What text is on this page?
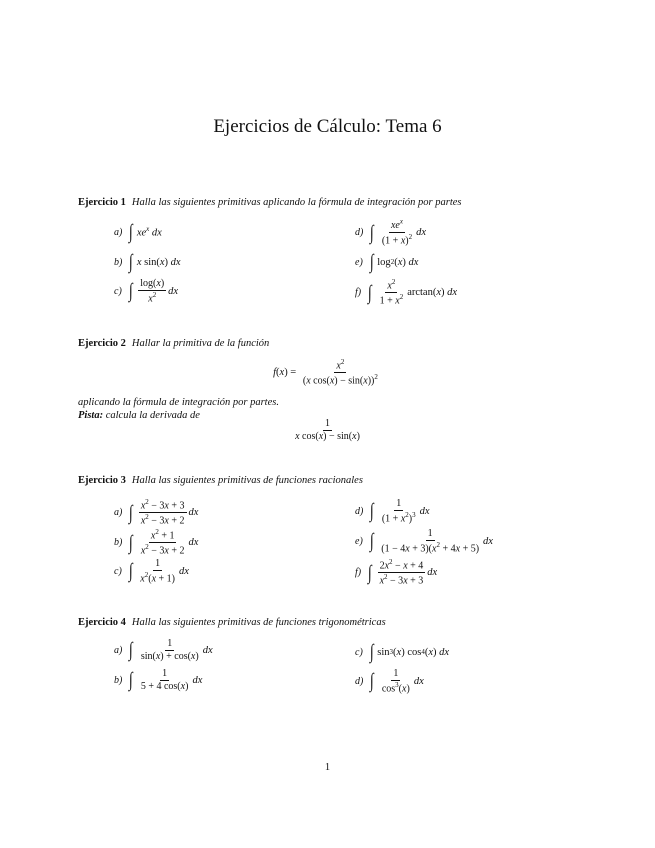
Ejercicios de Cálculo: Tema 6
Ejercicio 1 Halla las siguientes primitivas aplicando la fórmula de integración por partes
a) ∫ $xe^x$ dx
b) ∫ x sin( x ) dx
c) ∫ $\frac{\log(x)}{x^2}$ dx
d) ∫ $\frac{xe^x}{(1 + x)^2}$ dx
e) ∫ log 2 ( x ) dx
f) ∫ $\frac{x^2}{1 + x^2} \arctan$( x ) dx
Ejercicio 2 Hallar la primitiva de la función
f ( x ) = $\frac{x^2}{(x \cos(x) - \sin(x))^2}$
aplicando la fórmula de integración por partes.
Pista: calcula la derivada de
$\frac{1}{\text{x cos(x) − sin(x)}}$
Ejercicio 3 Halla las siguientes primitivas de funciones racionales
a) ∫ $\frac{x^2 - 3x + 3}{x^2 - 3x + 2}$ dx
b) ∫ $\frac{x^2 + 1}{x^2 - 3x + 2}$ dx
c) ∫ $\frac{1}{x^2(x + 1)}$ dx
d) ∫ $\frac{1}{(1 + x^2)^3}$ dx
e) ∫ $\frac{1}{(1 - 4x + 3)(x^2 + 4x + 5)}$ dx
f) ∫ $\frac{2x^2 - x + 4}{x^2 - 3x + 3}$ dx
Ejercicio 4 Halla las siguientes primitivas de funciones trigonométricas
a) ∫ $\frac{1}{\sin(x) + \cos(x)}$ dx
b) ∫ $\frac{1}{5 + 4 \cos(x)}$ dx
c) ∫ sin 3 ( x ) cos 4 ( x ) dx
d) ∫ $\frac{1}{\cos^3(x)}$ dx
1
